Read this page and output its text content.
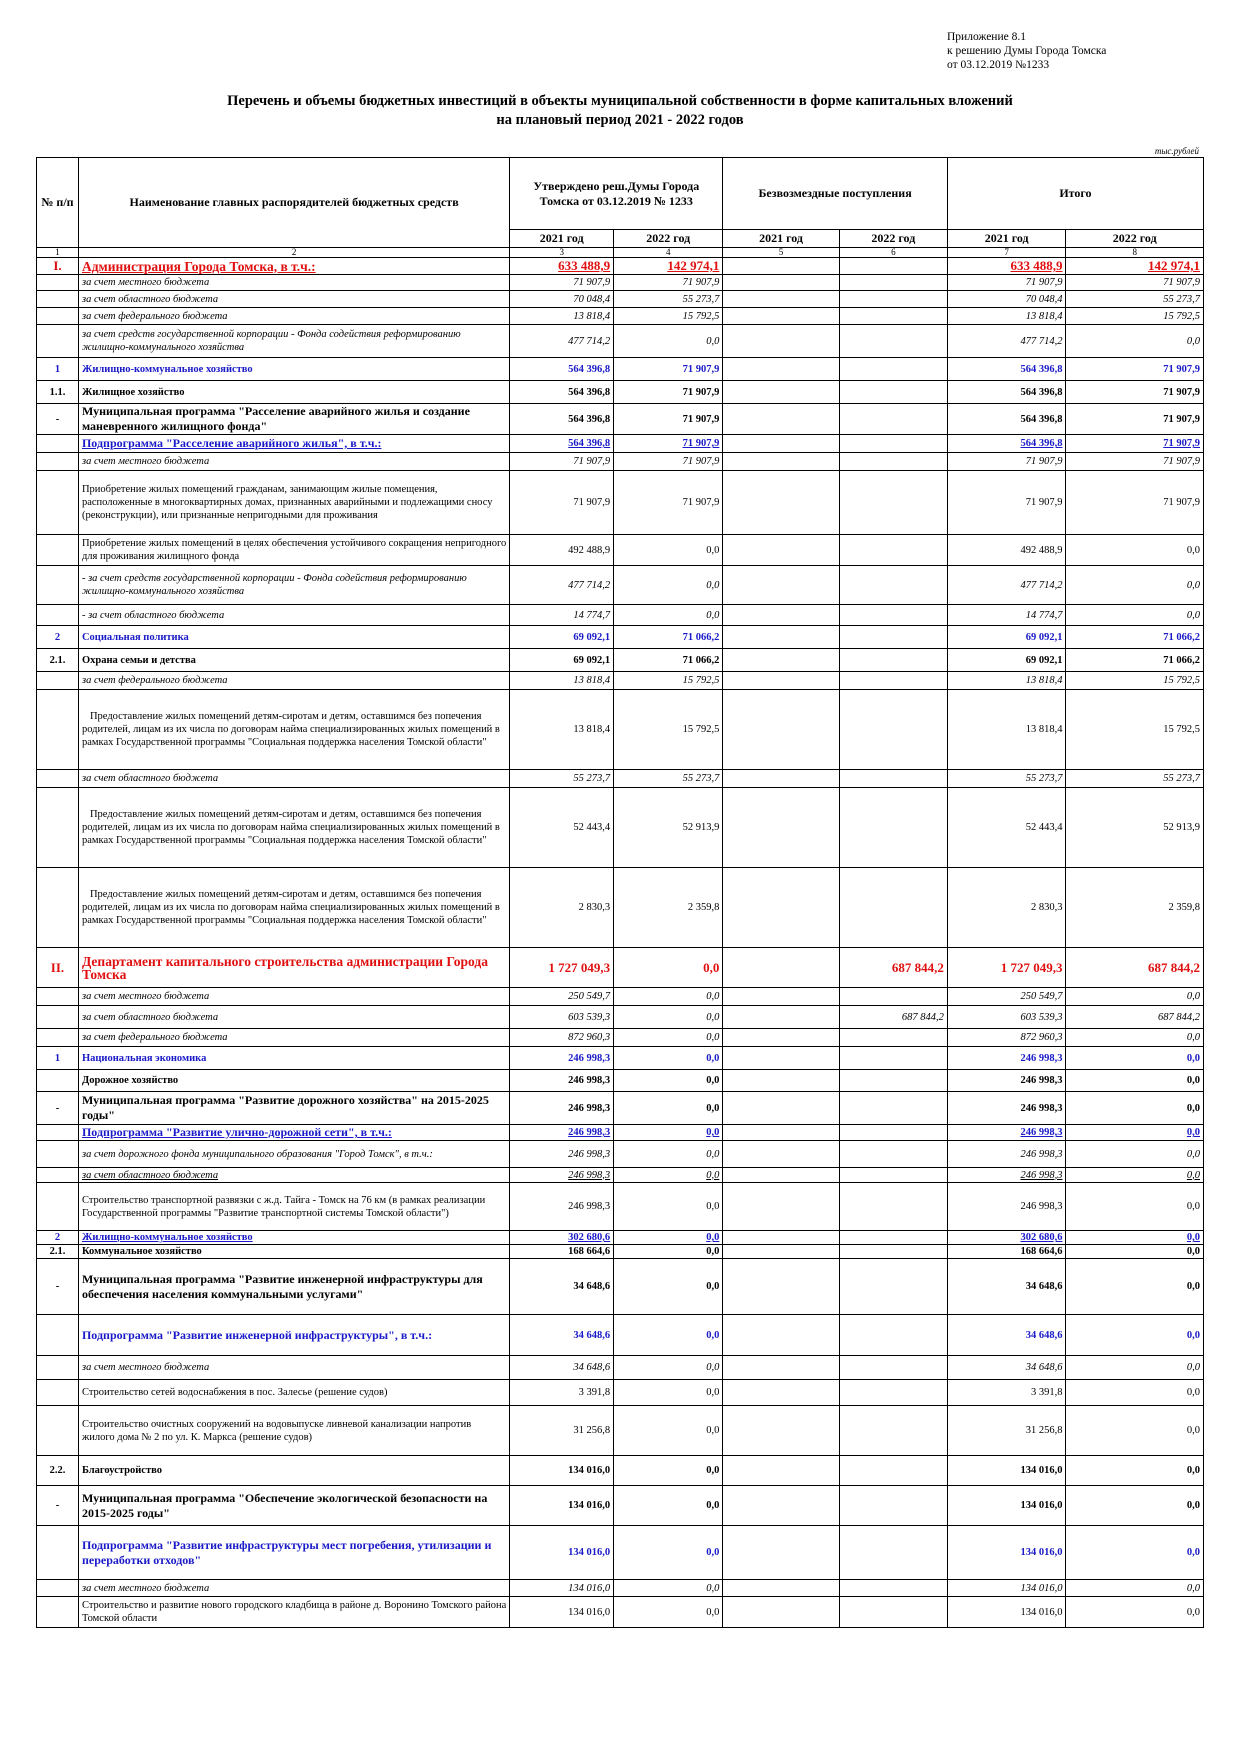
Приложение 8.1
к решению Думы Города Томска
от 03.12.2019 №1233
Перечень и объемы бюджетных инвестиций в объекты муниципальной собственности в форме капитальных вложений
на плановый период 2021 - 2022 годов
тыс.рублей
№ п/п	Наименование главных распорядителей бюджетных средств	Утверждено реш.Думы Города Томска от 03.12.2019 № 1233		Безвозмездные поступления		Итого	
		2021 год	2022 год	2021 год	2022 год	2021 год	2022 год
1	2	3	4	5	6	7	8
I.	Администрация Города Томска, в т.ч.:	633 488,9	142 974,1			633 488,9	142 974,1
	за счет местного бюджета	71 907,9	71 907,9			71 907,9	71 907,9
	за счет областного бюджета	70 048,4	55 273,7			70 048,4	55 273,7
	за счет федерального бюджета	13 818,4	15 792,5			13 818,4	15 792,5
	за счет средств государственной корпорации - Фонда содействия реформированию жилищно-коммунального хозяйства	477 714,2	0,0			477 714,2	0,0
1	Жилищно-коммунальное хозяйство	564 396,8	71 907,9			564 396,8	71 907,9
1.1.	Жилищное хозяйство	564 396,8	71 907,9			564 396,8	71 907,9
-	Муниципальная программа "Расселение аварийного жилья и создание маневренного жилищного фонда"	564 396,8	71 907,9			564 396,8	71 907,9
	Подпрограмма "Расселение аварийного жилья", в т.ч.:	564 396,8	71 907,9			564 396,8	71 907,9
	за счет местного бюджета	71 907,9	71 907,9			71 907,9	71 907,9
	Приобретение жилых помещений гражданам, занимающим жилые помещения, расположенные в многоквартирных домах, признанных аварийными и подлежащими сносу (реконструкции), или признанные непригодными для проживания	71 907,9	71 907,9			71 907,9	71 907,9
	Приобретение жилых помещений в целях обеспечения устойчивого сокращения непригодного для проживания жилищного фонда	492 488,9	0,0			492 488,9	0,0
	- за счет средств государственной корпорации - Фонда содействия реформированию жилищно-коммунального хозяйства	477 714,2	0,0			477 714,2	0,0
	- за счет областного бюджета	14 774,7	0,0			14 774,7	0,0
2	Социальная политика	69 092,1	71 066,2			69 092,1	71 066,2
2.1.	Охрана семьи и детства	69 092,1	71 066,2			69 092,1	71 066,2
	за счет федерального бюджета	13 818,4	15 792,5			13 818,4	15 792,5
	Предоставление жилых помещений детям-сиротам и детям, оставшимся без попечения родителей, лицам из их числа по договорам найма специализированных жилых помещений в рамках Государственной программы "Социальная поддержка населения Томской области"	13 818,4	15 792,5			13 818,4	15 792,5
	за счет областного бюджета	55 273,7	55 273,7			55 273,7	55 273,7
	Предоставление жилых помещений детям-сиротам и детям, оставшимся без попечения родителей, лицам из их числа по договорам найма специализированных жилых помещений в рамках Государственной программы "Социальная поддержка населения Томской области"	52 443,4	52 913,9			52 443,4	52 913,9
	Предоставление жилых помещений детям-сиротам и детям, оставшимся без попечения родителей, лицам из их числа по договорам найма специализированных жилых помещений в рамках Государственной программы "Социальная поддержка населения Томской области"	2 830,3	2 359,8			2 830,3	2 359,8
II.	Департамент капитального строительства администрации Города Томска	1 727 049,3	0,0		687 844,2	1 727 049,3	687 844,2
	за счет местного бюджета	250 549,7	0,0			250 549,7	0,0
	за счет областного бюджета	603 539,3	0,0		687 844,2	603 539,3	687 844,2
	за счет федерального бюджета	872 960,3	0,0			872 960,3	0,0
1	Национальная экономика	246 998,3	0,0			246 998,3	0,0
	Дорожное хозяйство	246 998,3	0,0			246 998,3	0,0
-	Муниципальная программа "Развитие дорожного хозяйства" на 2015-2025 годы"	246 998,3	0,0			246 998,3	0,0
	Подпрограмма "Развитие улично-дорожной сети", в т.ч.:	246 998,3	0,0			246 998,3	0,0
	за счет дорожного фонда муниципального образования "Город Томск", в т.ч.:	246 998,3	0,0			246 998,3	0,0
	за счет областного бюджета	246 998,3	0,0			246 998,3	0,0
	Строительство транспортной развязки с ж.д. Тайга - Томск на 76 км (в рамках реализации Государственной программы "Развитие транспортной системы Томской области")	246 998,3	0,0			246 998,3	0,0
2	Жилищно-коммунальное хозяйство	302 680,6	0,0			302 680,6	0,0
2.1.	Коммунальное хозяйство	168 664,6	0,0			168 664,6	0,0
-	Муниципальная программа "Развитие инженерной инфраструктуры для обеспечения населения коммунальными услугами"	34 648,6	0,0			34 648,6	0,0
	Подпрограмма "Развитие инженерной инфраструктуры", в т.ч.:	34 648,6	0,0			34 648,6	0,0
	за счет местного бюджета	34 648,6	0,0			34 648,6	0,0
	Строительство сетей водоснабжения в пос. Залесье (решение судов)	3 391,8	0,0			3 391,8	0,0
	Строительство очистных сооружений на водовыпуске ливневой канализации напротив жилого дома № 2 по ул. К. Маркса (решение судов)	31 256,8	0,0			31 256,8	0,0
2.2.	Благоустройство	134 016,0	0,0			134 016,0	0,0
-	Муниципальная программа "Обеспечение экологической безопасности на 2015-2025 годы"	134 016,0	0,0			134 016,0	0,0
	Подпрограмма "Развитие инфраструктуры мест погребения, утилизации и переработки отходов"	134 016,0	0,0			134 016,0	0,0
	за счет местного бюджета	134 016,0	0,0			134 016,0	0,0
	Строительство и развитие нового городского кладбища в районе д. Воронино Томского района Томской области	134 016,0	0,0			134 016,0	0,0
